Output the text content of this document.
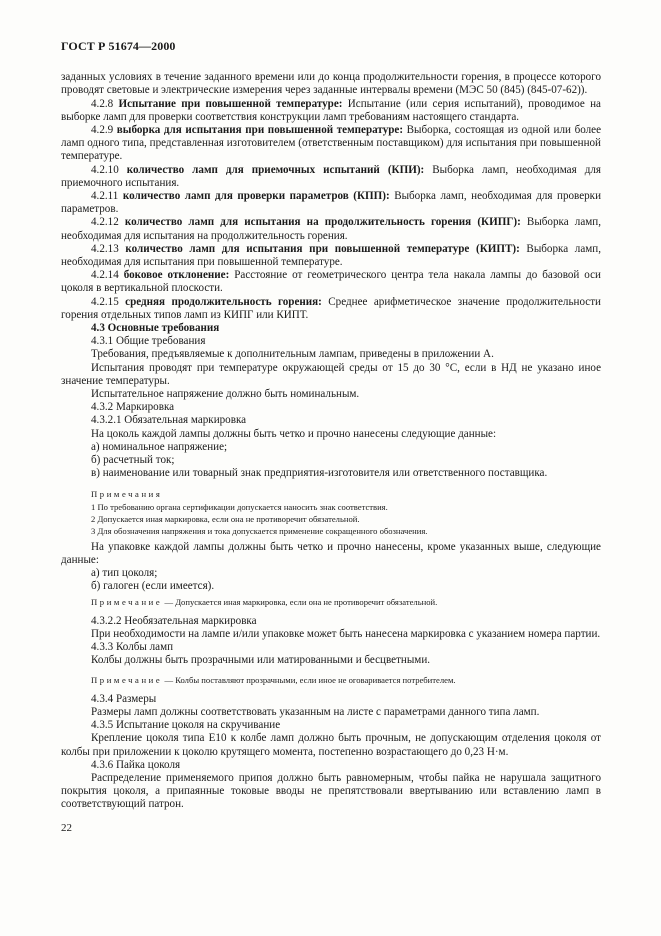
ГОСТ Р 51674—2000

заданных условиях в течение заданного времени или до конца продолжительности горения, в процессе которого проводят световые и электрические измерения через заданные интервалы времени (МЭС 50 (845) (845-07-62)).

4.2.8 Испытание при повышенной температуре: Испытание (или серия испытаний), проводимое на выборке ламп для проверки соответствия конструкции ламп требованиям настоящего стандарта.

4.2.9 выборка для испытания при повышенной температуре: Выборка, состоящая из одной или более ламп одного типа, представленная изготовителем (ответственным поставщиком) для испытания при повышенной температуре.

4.2.10 количество ламп для приемочных испытаний (КПИ): Выборка ламп, необходимая для приемочного испытания.

4.2.11 количество ламп для проверки параметров (КПП): Выборка ламп, необходимая для проверки параметров.

4.2.12 количество ламп для испытания на продолжительность горения (КИПГ): Выборка ламп, необходимая для испытания на продолжительность горения.

4.2.13 количество ламп для испытания при повышенной температуре (КИПТ): Выборка ламп, необходимая для испытания при повышенной температуре.

4.2.14 боковое отклонение: Расстояние от геометрического центра тела накала лампы до базовой оси цоколя в вертикальной плоскости.

4.2.15 средняя продолжительность горения: Среднее арифметическое значение продолжительности горения отдельных типов ламп из КИПГ или КИПТ.

4.3 Основные требования

4.3.1 Общие требования

Требования, предъявляемые к дополнительным лампам, приведены в приложении А.

Испытания проводят при температуре окружающей среды от 15 до 30 °С, если в НД не указано иное значение температуры.

Испытательное напряжение должно быть номинальным.

4.3.2 Маркировка

4.3.2.1 Обязательная маркировка

На цоколь каждой лампы должны быть четко и прочно нанесены следующие данные:

а) номинальное напряжение;

б) расчетный ток;

в) наименование или товарный знак предприятия-изготовителя или ответственного поставщика.

Примечания

1 По требованию органа сертификации допускается наносить знак соответствия.

2 Допускается иная маркировка, если она не противоречит обязательной.

3 Для обозначения напряжения и тока допускается применение сокращенного обозначения.

На упаковке каждой лампы должны быть четко и прочно нанесены, кроме указанных выше, следующие данные:

а) тип цоколя;

б) галоген (если имеется).

Примечание — Допускается иная маркировка, если она не противоречит обязательной.

4.3.2.2 Необязательная маркировка

При необходимости на лампе и/или упаковке может быть нанесена маркировка с указанием номера партии.

4.3.3 Колбы ламп

Колбы должны быть прозрачными или матированными и бесцветными.

Примечание — Колбы поставляют прозрачными, если иное не оговаривается потребителем.

4.3.4 Размеры

Размеры ламп должны соответствовать указанным на листе с параметрами данного типа ламп.

4.3.5 Испытание цоколя на скручивание

Крепление цоколя типа Е10 к колбе ламп должно быть прочным, не допускающим отделения цоколя от колбы при приложении к цоколю крутящего момента, постепенно возрастающего до 0,23 Н·м.

4.3.6 Пайка цоколя

Распределение применяемого припоя должно быть равномерным, чтобы пайка не нарушала защитного покрытия цоколя, а припаянные токовые вводы не препятствовали ввертыванию или вставлению ламп в соответствующий патрон.

22
